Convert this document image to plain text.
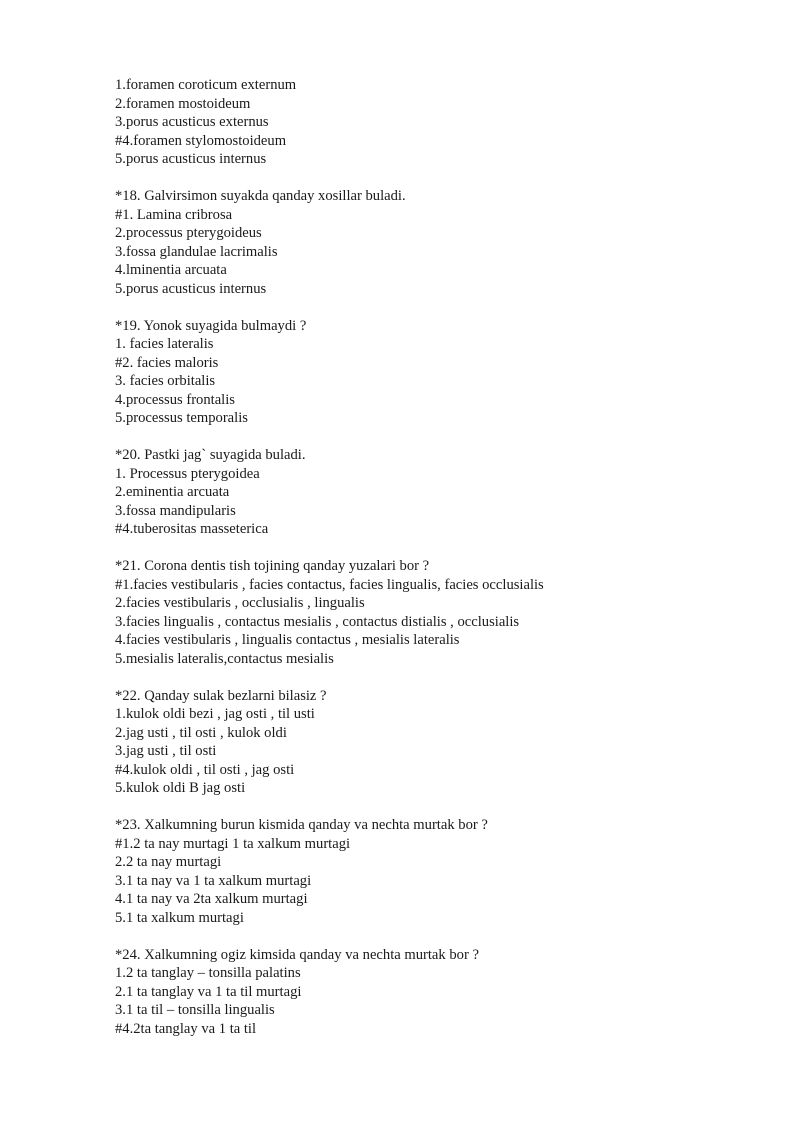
1.foramen coroticum externum
2.foramen mostoideum
3.porus acusticus externus
#4.foramen stylomostoideum
5.porus acusticus internus
*18. Galvirsimon suyakda qanday xosillar buladi.
#1. Lamina cribrosa
2.processus pterygoideus
3.fossa glandulae lacrimalis
4.lminentia arcuata
5.porus acusticus internus
*19. Yonok suyagida bulmaydi ?
1. facies lateralis
#2. facies maloris
3. facies orbitalis
4.processus frontalis
5.processus temporalis
*20. Pastki jag` suyagida buladi.
1. Processus pterygoidea
2.eminentia arcuata
3.fossa mandipularis
#4.tuberositas masseterica
*21. Corona dentis tish tojining qanday yuzalari bor ?
#1.facies vestibularis , facies contactus, facies lingualis, facies occlusialis
2.facies vestibularis , occlusialis , lingualis
3.facies lingualis , contactus mesialis , contactus distialis , occlusialis
4.facies vestibularis , lingualis contactus , mesialis lateralis
5.mesialis lateralis,contactus mesialis
*22. Qanday sulak bezlarni bilasiz ?
1.kulok oldi bezi , jag osti , til usti
2.jag usti , til osti , kulok oldi
3.jag usti , til osti
#4.kulok oldi , til osti , jag osti
5.kulok oldi B jag osti
*23. Xalkumning burun kismida qanday va nechta murtak bor ?
#1.2 ta nay murtagi 1 ta xalkum murtagi
2.2 ta nay murtagi
3.1 ta nay va 1 ta xalkum murtagi
4.1 ta nay va 2ta xalkum murtagi
5.1 ta xalkum murtagi
*24. Xalkumning ogiz kimsida qanday va nechta murtak bor ?
1.2 ta tanglay – tonsilla palatins
2.1 ta tanglay va 1 ta til murtagi
3.1 ta til – tonsilla lingualis
#4.2ta tanglay va 1 ta til
